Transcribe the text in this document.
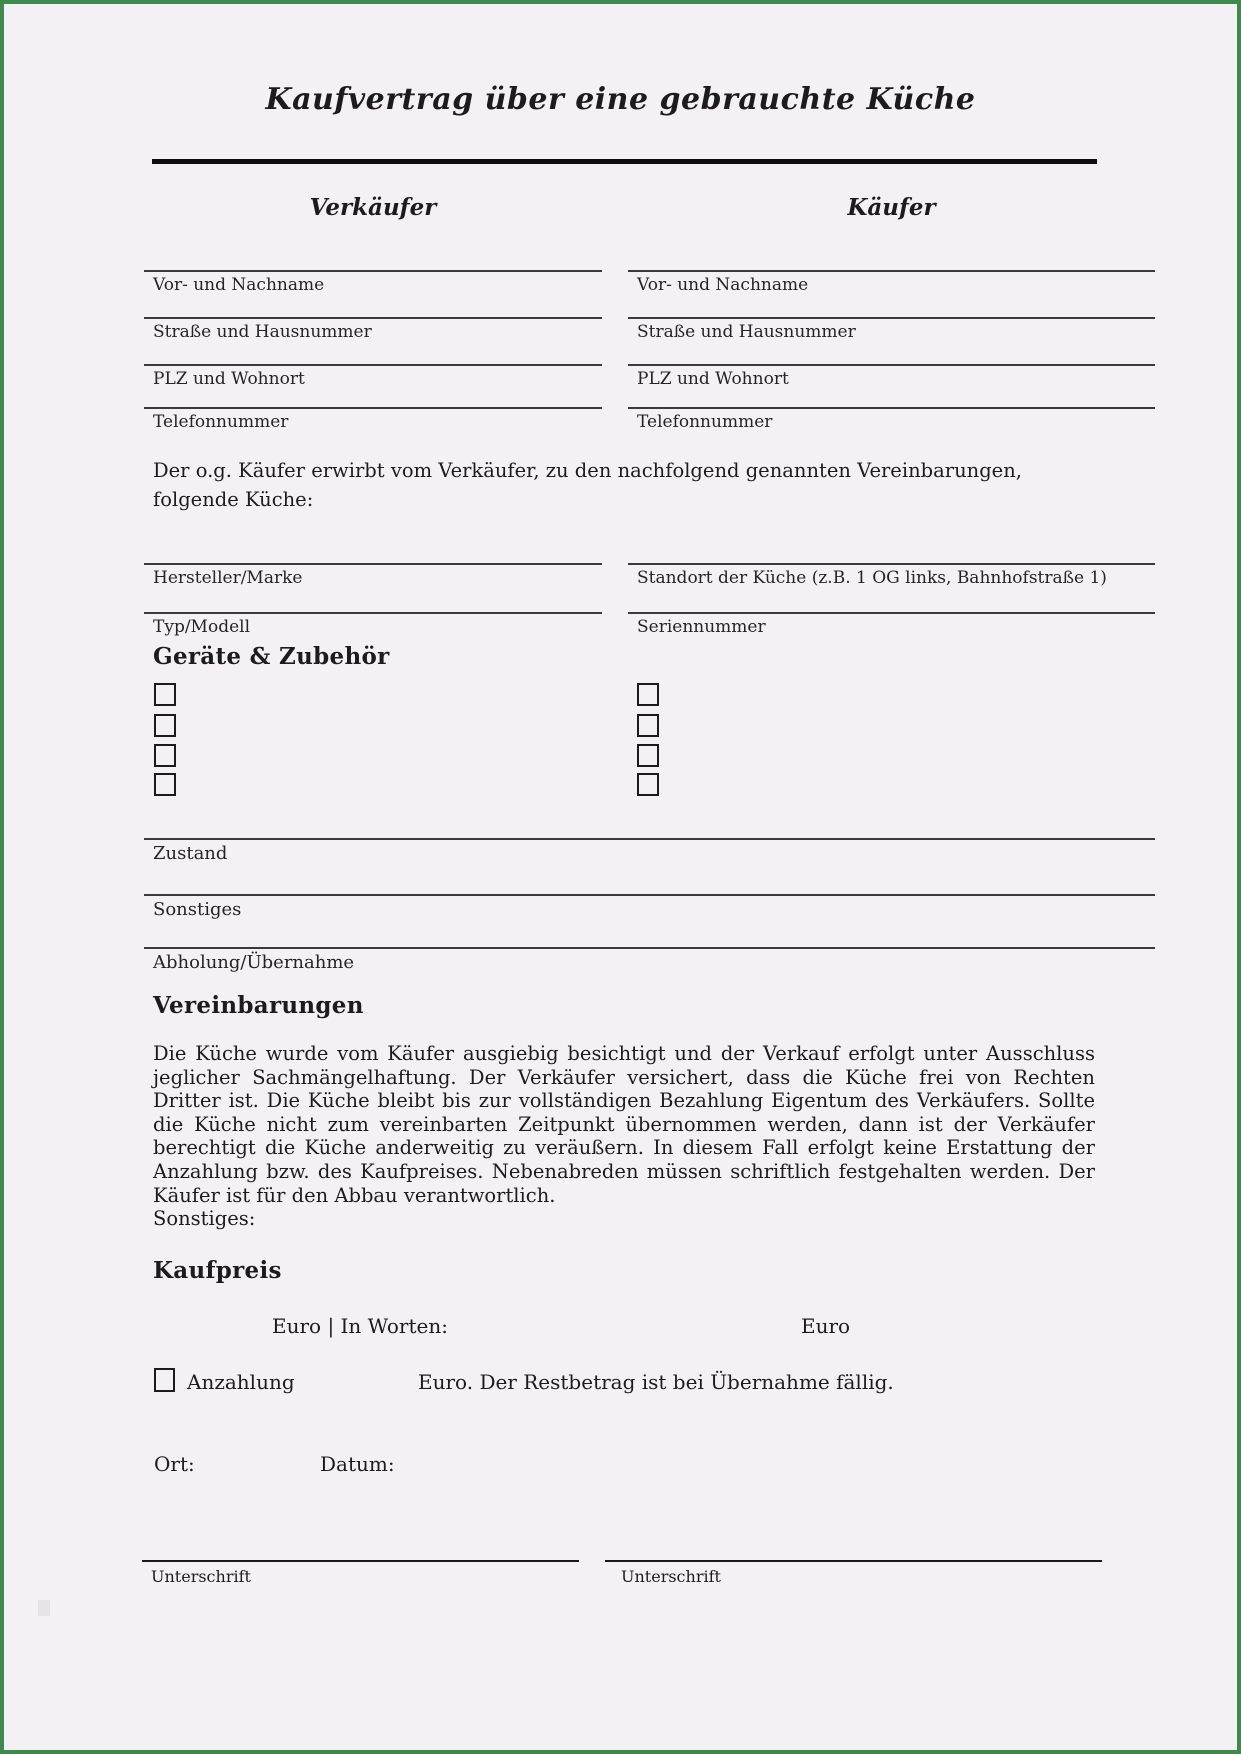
Kaufvertrag über eine gebrauchte Küche
Verkäufer	Käufer
Vor- und Nachname	Vor- und Nachname
Straße und Hausnummer	Straße und Hausnummer
PLZ und Wohnort	PLZ und Wohnort
Telefonnummer	Telefonnummer
Der o.g. Käufer erwirbt vom Verkäufer, zu den nachfolgend genannten Vereinbarungen, folgende Küche:
Hersteller/Marke	Standort der Küche (z.B. 1 OG links, Bahnhofstraße 1)
Typ/Modell	Seriennummer
Geräte & Zubehör
Zustand
Sonstiges
Abholung/Übernahme
Vereinbarungen
Die Küche wurde vom Käufer ausgiebig besichtigt und der Verkauf erfolgt unter Ausschluss jeglicher Sachmängelhaftung. Der Verkäufer versichert, dass die Küche frei von Rechten Dritter ist. Die Küche bleibt bis zur vollständigen Bezahlung Eigentum des Verkäufers. Sollte die Küche nicht zum vereinbarten Zeitpunkt übernommen werden, dann ist der Verkäufer berechtigt die Küche anderweitig zu veräußern. In diesem Fall erfolgt keine Erstattung der Anzahlung bzw. des Kaufpreises. Nebenabreden müssen schriftlich festgehalten werden. Der Käufer ist für den Abbau verantwortlich.
Sonstiges:
Kaufpreis
Euro | In Worten:	Euro
Anzahlung	Euro. Der Restbetrag ist bei Übernahme fällig.
Ort:	Datum:
Unterschrift	Unterschrift
